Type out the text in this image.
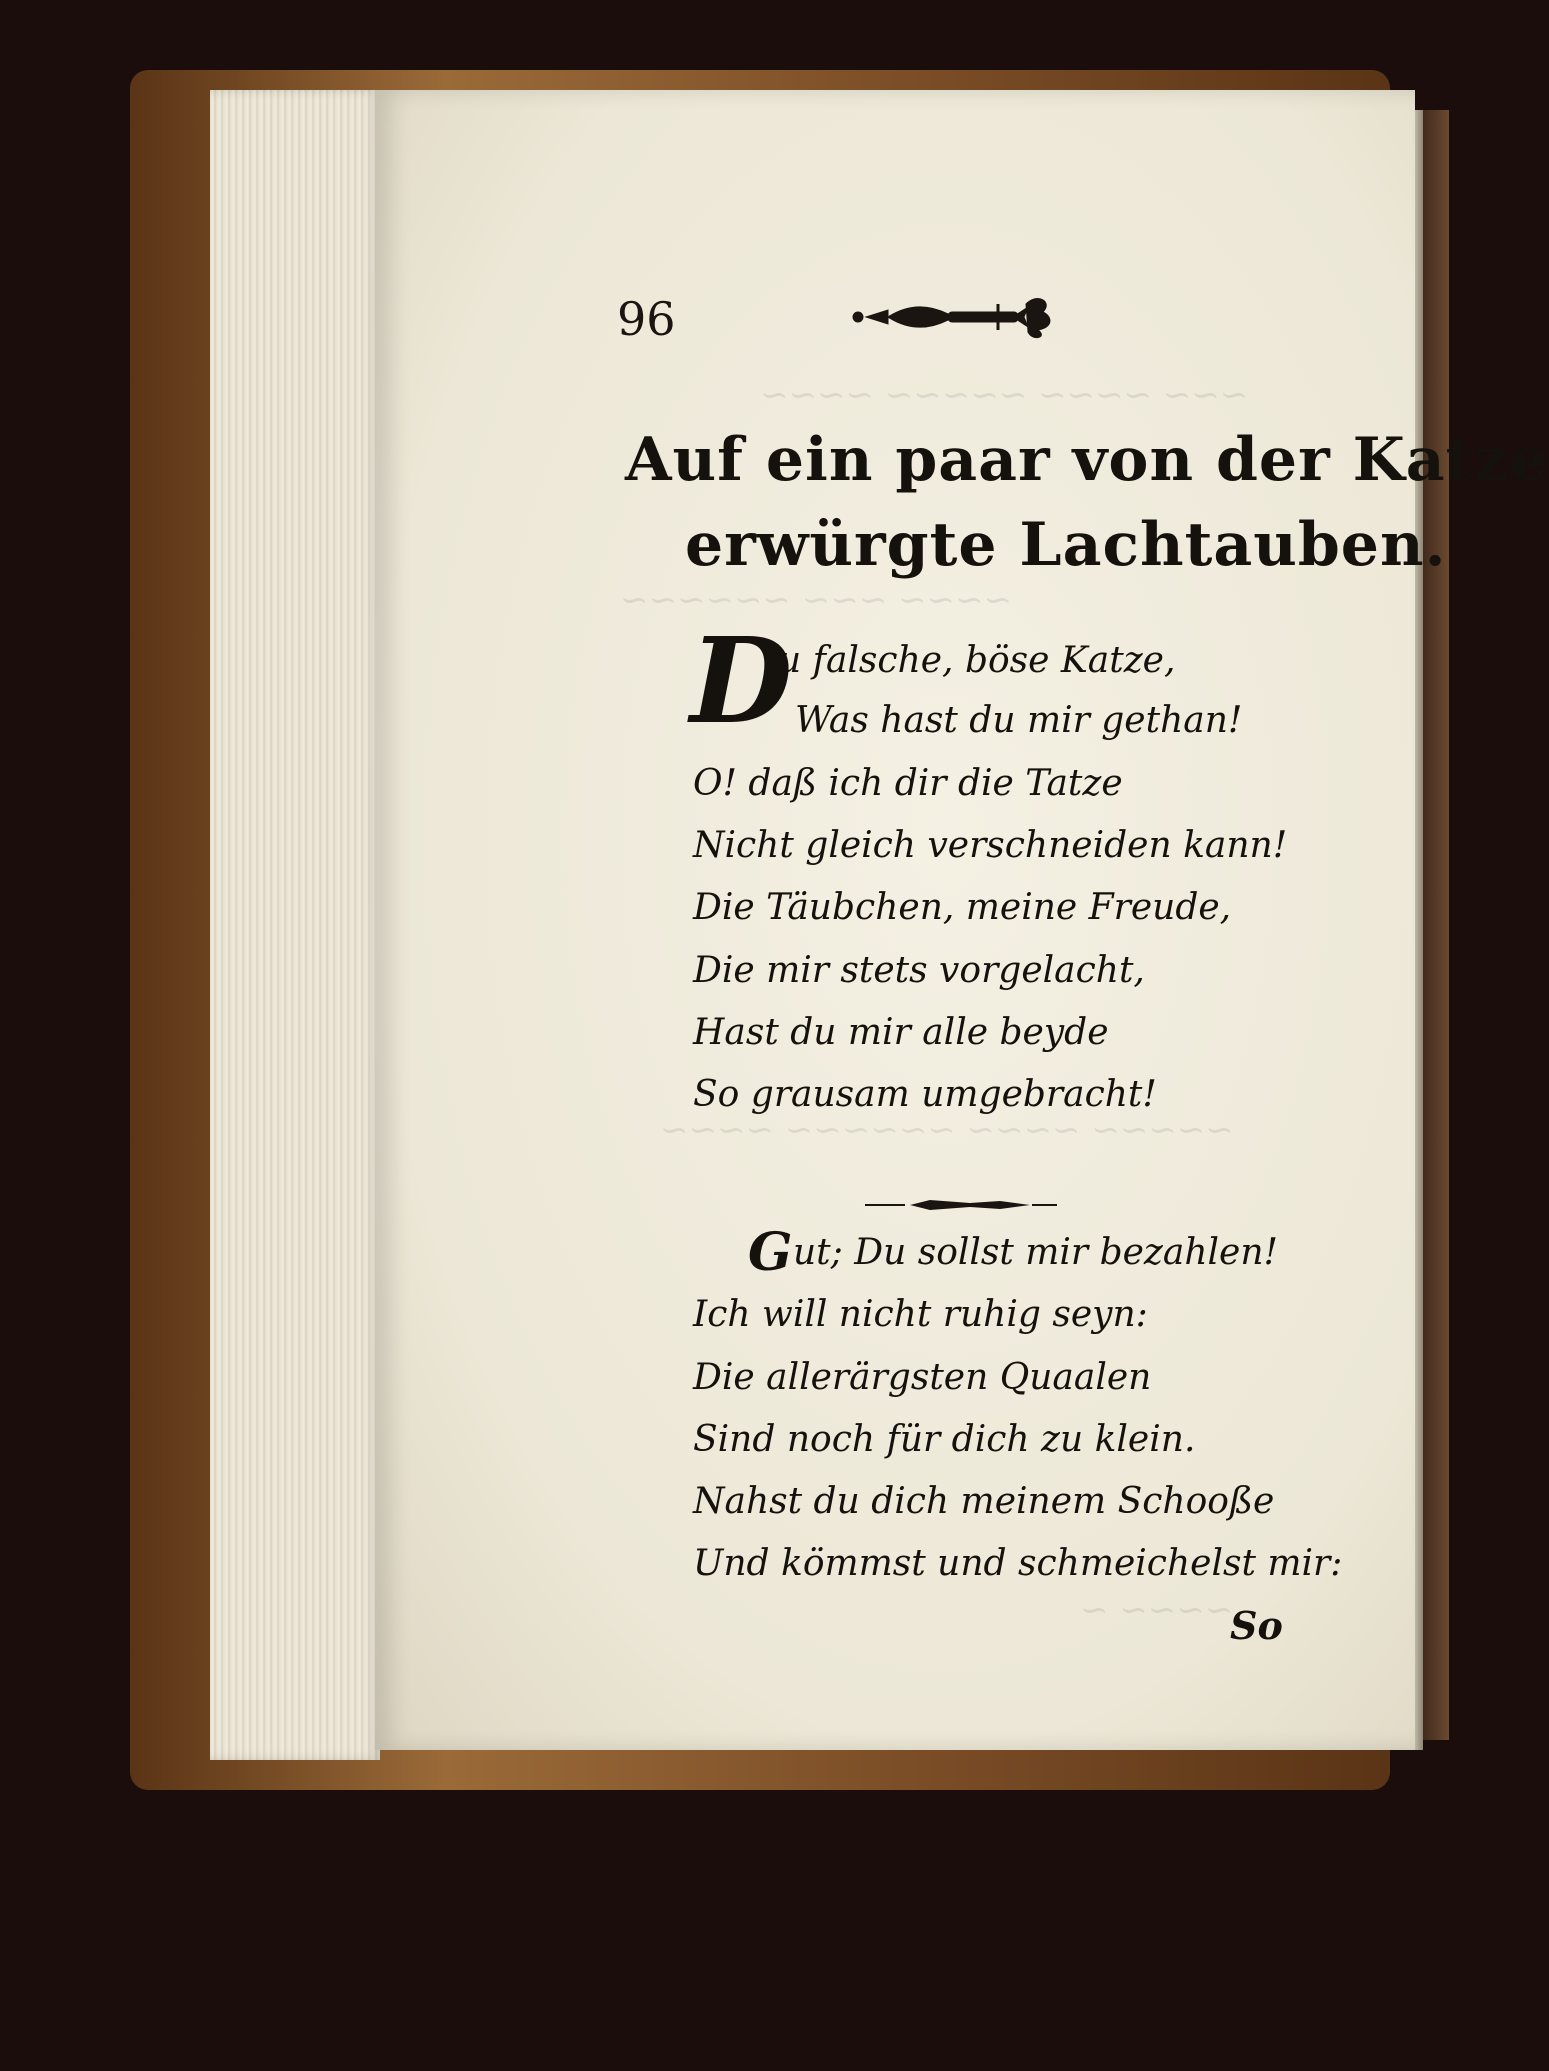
~~~ ~~~~ ~~~~~ ~~~~
~~~~ ~~~ ~~~~~~
~~~~~ ~~~~ ~~~~~~ ~~~~
~~~~ ~
96
Auf ein paar von der Katze
erwürgte Lachtauben.
D
u falsche, böse Katze,
Was hast du mir gethan!
O! daß ich dir die Tatze
Nicht gleich verschneiden kann!
Die Täubchen, meine Freude,
Die mir stets vorgelacht,
Hast du mir alle beyde
So grausam umgebracht!
G ut; Du sollst mir bezahlen!
Ich will nicht ruhig seyn:
Die allerärgsten Quaalen
Sind noch für dich zu klein.
Nahst du dich meinem Schooße
Und kömmst und schmeichelst mir:
So
